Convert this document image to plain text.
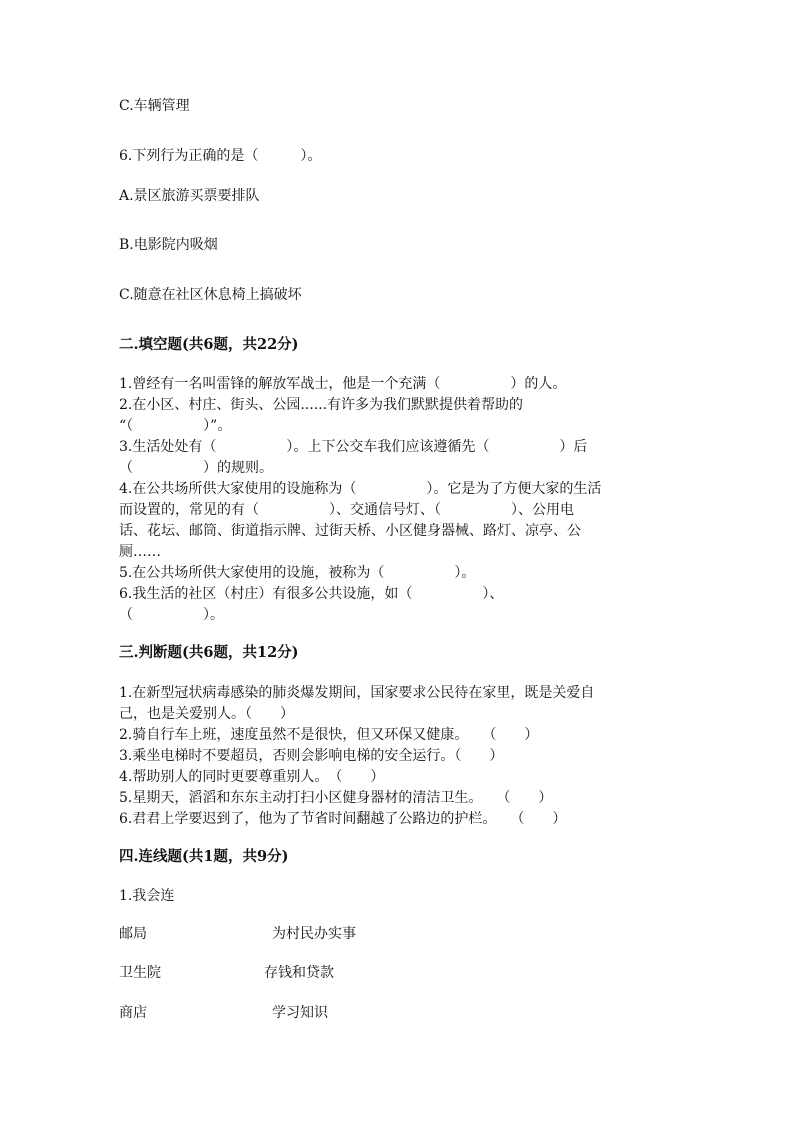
C.车辆管理
6.下列行为正确的是（　　　）。
A.景区旅游买票要排队
B.电影院内吸烟
C.随意在社区休息椅上搞破坏
二.填空题(共6题，共22分)
1.曾经有一名叫雷锋的解放军战士，他是一个充满（　　　　　）的人。
2.在小区、村庄、街头、公园......有许多为我们默默提供着帮助的
“（　　　　　）”。
3.生活处处有（　　　　　）。上下公交车我们应该遵循先（　　　　　）后
（　　　　　）的规则。
4.在公共场所供大家使用的设施称为（　　　　　）。它是为了方便大家的生活
而设置的，常见的有（　　　　　）、交通信号灯、（　　　　　）、公用电
话、花坛、邮筒、街道指示牌、过街天桥、小区健身器械、路灯、凉亭、公
厕……
5.在公共场所供大家使用的设施，被称为（　　　　　）。
6.我生活的社区（村庄）有很多公共设施，如（　　　　　）、
（　　　　　）。
三.判断题(共6题，共12分)
1.在新型冠状病毒感染的肺炎爆发期间，国家要求公民待在家里，既是关爱自
己，也是关爱别人。（　　）
2.骑自行车上班，速度虽然不是很快，但又环保又健康。　　（　　）
3.乘坐电梯时不要超员，否则会影响电梯的安全运行。（　　）
4.帮助别人的同时更要尊重别人。　（　　）
5.星期天，滔滔和东东主动打扫小区健身器材的清洁卫生。　　（　　）
6.君君上学要迟到了，他为了节省时间翻越了公路边的护栏。　　（　　）
四.连线题(共1题，共9分)
1.我会连
邮局	为村民办实事
卫生院	存钱和贷款
商店	学习知识
